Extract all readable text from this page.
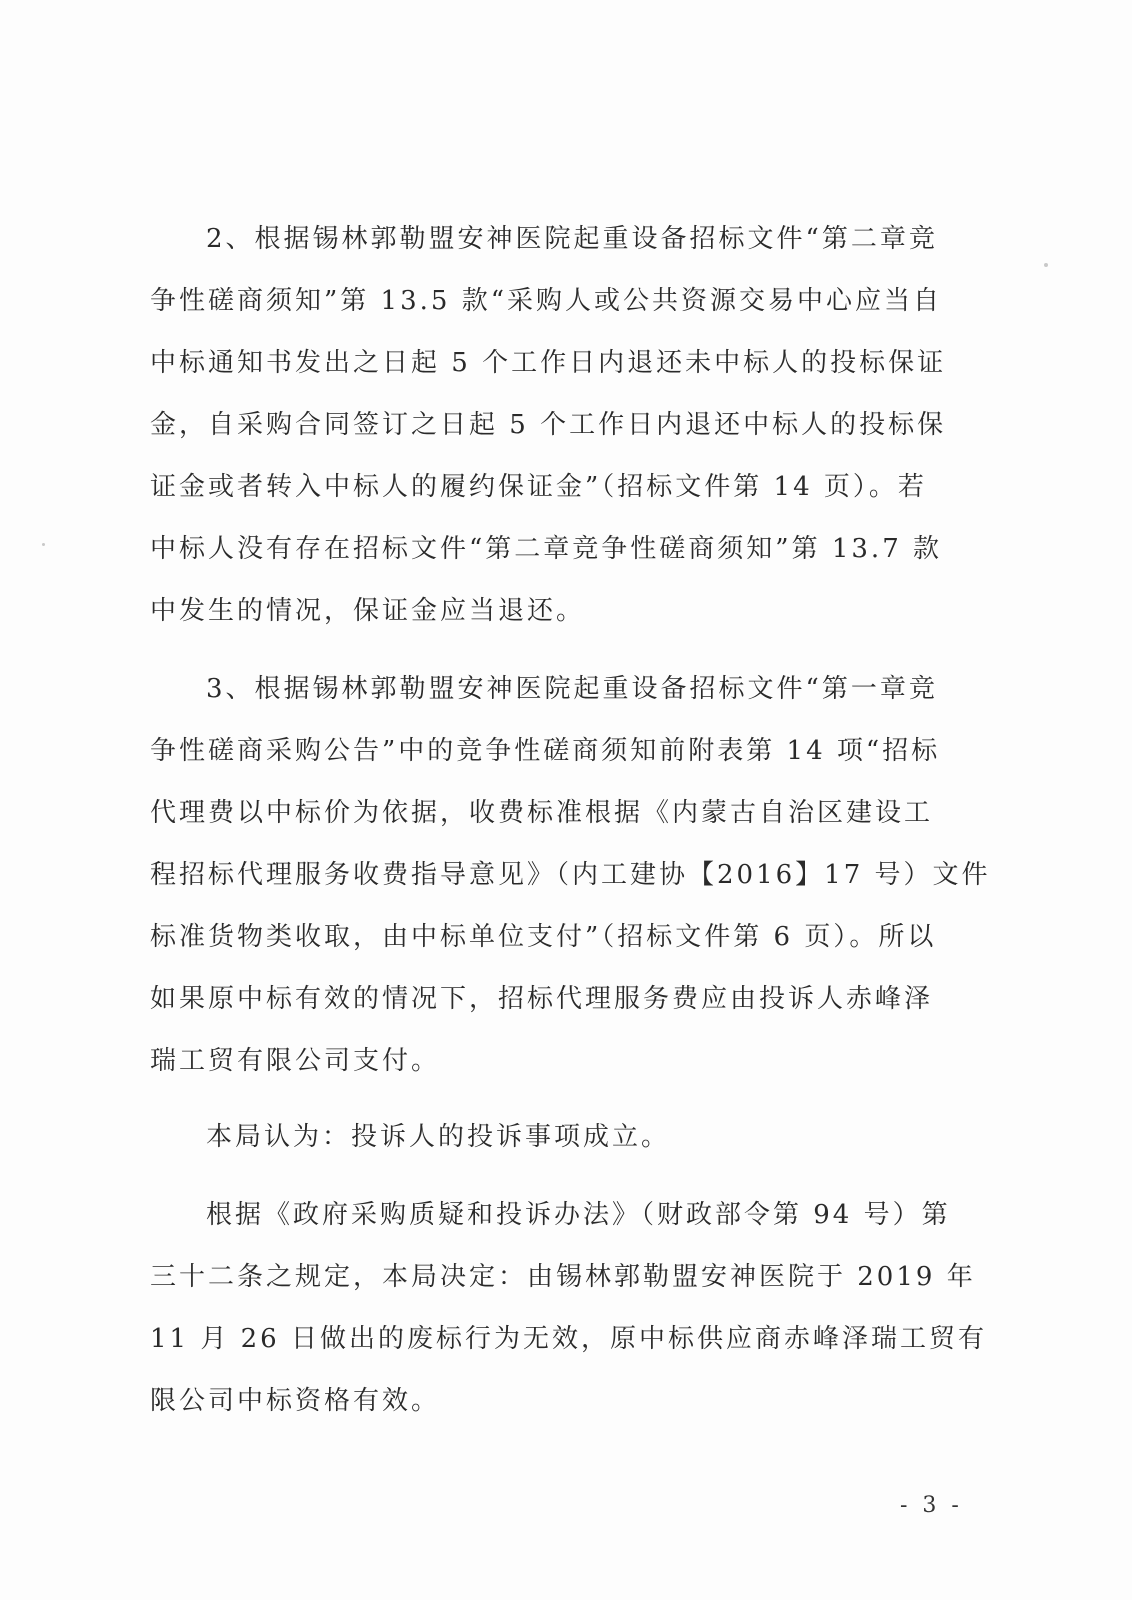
2、根据锡林郭勒盟安神医院起重设备招标文件“第二章竞
争性磋商须知”第 13.5 款“采购人或公共资源交易中心应当自
中标通知书发出之日起 5 个工作日内退还未中标人的投标保证
金，自采购合同签订之日起 5 个工作日内退还中标人的投标保
证金或者转入中标人的履约保证金”（招标文件第 14 页）。若
中标人没有存在招标文件“第二章竞争性磋商须知”第 13.7 款
中发生的情况，保证金应当退还。

3、根据锡林郭勒盟安神医院起重设备招标文件“第一章竞
争性磋商采购公告”中的竞争性磋商须知前附表第 14 项“招标
代理费以中标价为依据，收费标准根据《内蒙古自治区建设工
程招标代理服务收费指导意见》（内工建协【2016】17 号）文件
标准货物类收取，由中标单位支付”（招标文件第 6 页）。所以
如果原中标有效的情况下，招标代理服务费应由投诉人赤峰泽
瑞工贸有限公司支付。

本局认为：投诉人的投诉事项成立。

根据《政府采购质疑和投诉办法》（财政部令第 94 号）第
三十二条之规定，本局决定：由锡林郭勒盟安神医院于 2019 年
11 月 26 日做出的废标行为无效，原中标供应商赤峰泽瑞工贸有
限公司中标资格有效。

- 3 -
